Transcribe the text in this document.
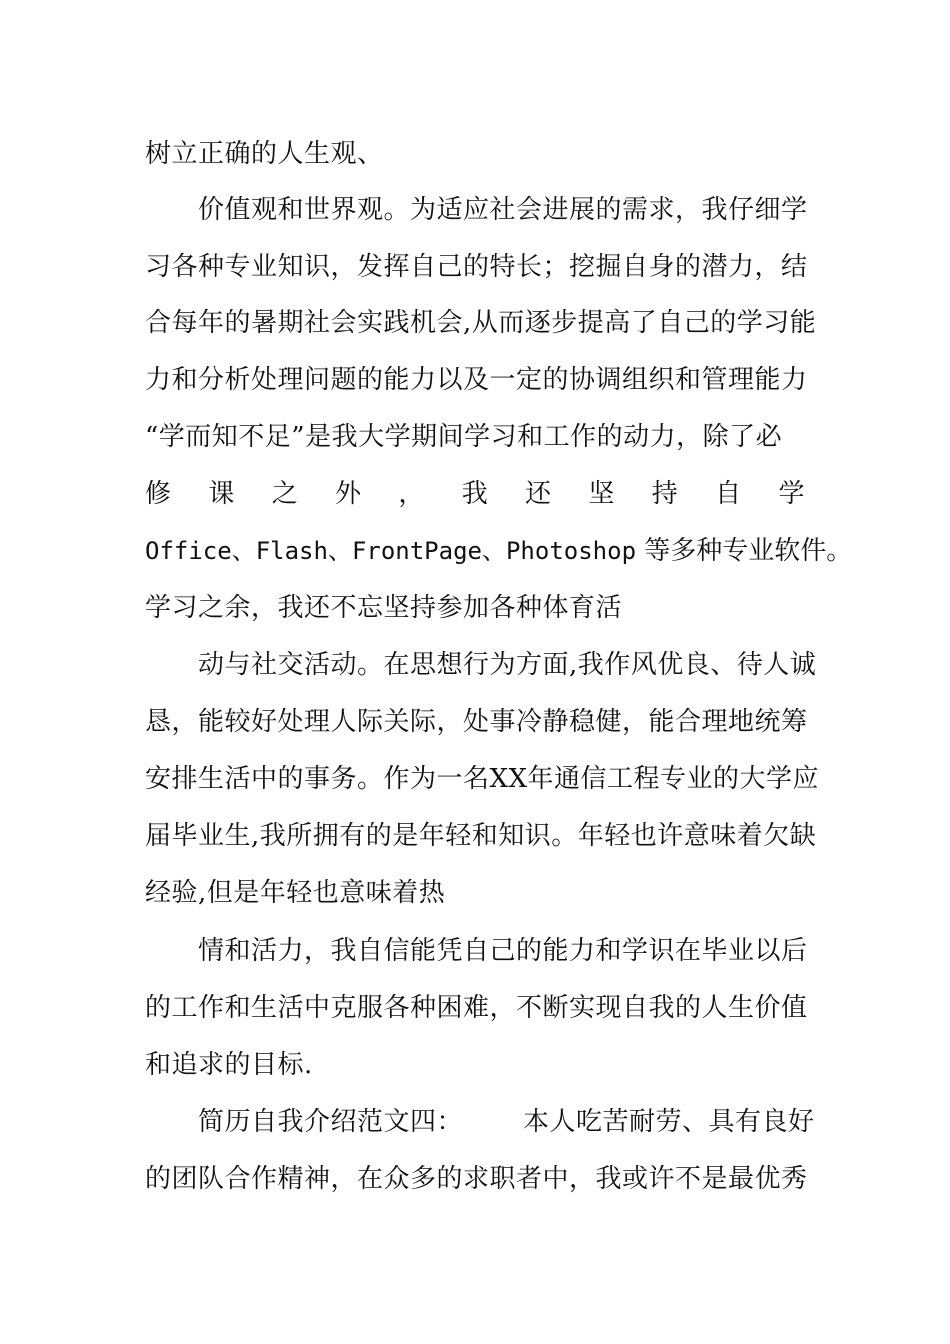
树立正确的人生观、
价值观和世界观。为适应社会进展的需求，我仔细学
习各种专业知识，发挥自己的特长；挖掘自身的潜力，结
合每年的暑期社会实践机会,从而逐步提高了自己的学习能
力和分析处理问题的能力以及一定的协调组织和管理能力
“学而知不足”是我大学期间学习和工作的动力，除了必
修 课 之 外 ， 我 还 坚 持 自 学
Office、Flash、FrontPage、Photoshop 等多种专业软件。
学习之余，我还不忘坚持参加各种体育活
动与社交活动。在思想行为方面,我作风优良、待人诚
恳，能较好处理人际关际，处事冷静稳健，能合理地统筹
安排生活中的事务。作为一名XX年通信工程专业的大学应
届毕业生,我所拥有的是年轻和知识。年轻也许意味着欠缺
经验,但是年轻也意味着热
情和活力，我自信能凭自己的能力和学识在毕业以后
的工作和生活中克服各种困难，不断实现自我的人生价值
和追求的目标.
简历自我介绍范文四： 本人吃苦耐劳、具有良好
的团队合作精神，在众多的求职者中，我或许不是最优秀
